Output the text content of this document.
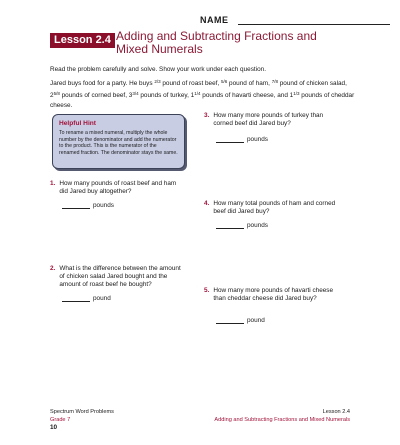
NAME
Lesson 2.4 Adding and Subtracting Fractions and Mixed Numerals
Read the problem carefully and solve. Show your work under each question.
Jared buys food for a party. He buys $^{2/3}$ pound of roast beef, $^{5/6}$ pound of ham, $^{7/8}$ pound of chicken salad, $2^{5/8}$ pounds of corned beef, $3^{3/4}$ pounds of turkey, $1^{1/4}$ pounds of havarti cheese, and $1^{1/3}$ pounds of cheddar cheese.
Helpful Hint
To rename a mixed numeral, multiply the whole number by the denominator and add the numerator to the product. This is the numerator of the renamed fraction. The denominator stays the same.
1. How many pounds of roast beef and ham did Jared buy altogether?
pounds
2. What is the difference between the amount of chicken salad Jared bought and the amount of roast beef he bought?
pound
3. How many more pounds of turkey than corned beef did Jared buy?
pounds
4. How many total pounds of ham and corned beef did Jared buy?
pounds
5. How many more pounds of havarti cheese than cheddar cheese did Jared buy?
pound
Spectrum Word Problems
Grade 7
10
Lesson 2.4
Adding and Subtracting Fractions and Mixed Numerals
